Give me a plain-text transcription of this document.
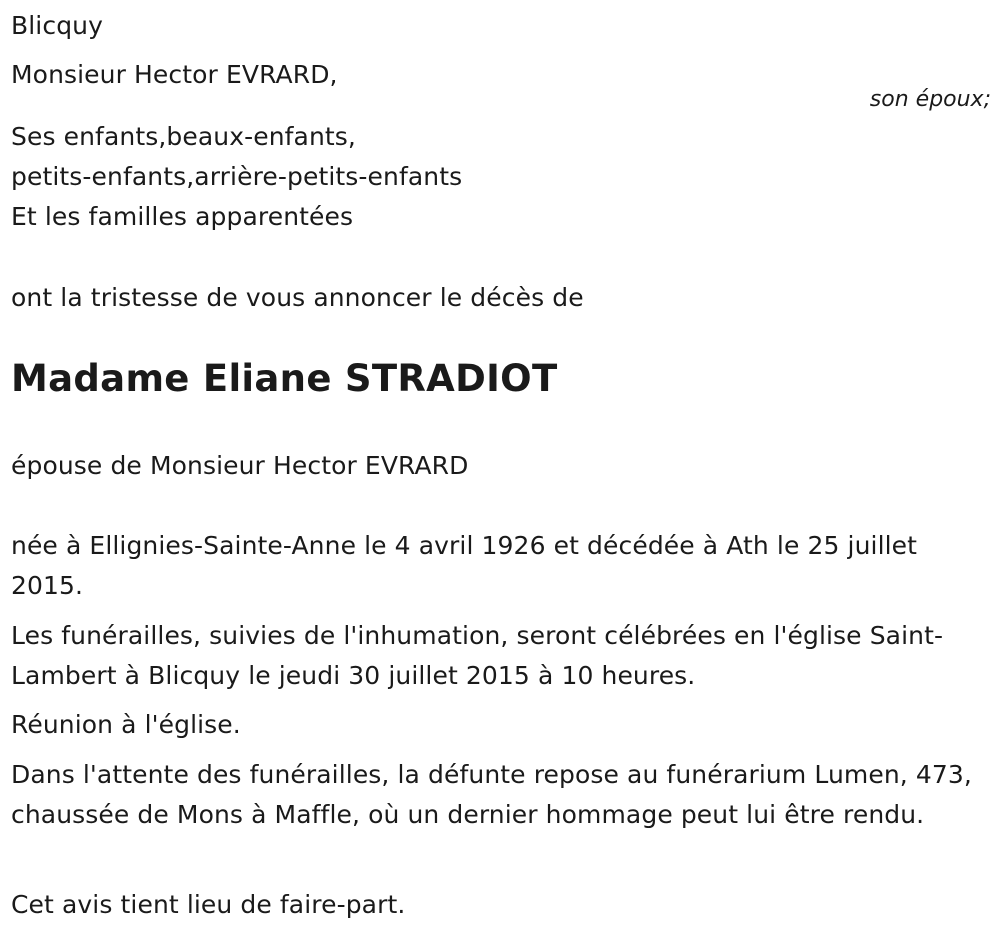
Blicquy
Monsieur Hector EVRARD,
son époux;
Ses enfants,beaux-enfants,
petits-enfants,arrière-petits-enfants
Et les familles apparentées
ont la tristesse de vous annoncer le décès de
Madame Eliane STRADIOT
épouse de Monsieur Hector EVRARD
née à Ellignies-Sainte-Anne le 4 avril 1926 et décédée à Ath le 25 juillet 2015.
Les funérailles, suivies de l'inhumation, seront célébrées en l'église Saint-Lambert à Blicquy le jeudi 30 juillet 2015 à 10 heures.
Réunion à l'église.
Dans l'attente des funérailles, la défunte repose au funérarium Lumen, 473, chaussée de Mons à Maffle, où un dernier hommage peut lui être rendu.
Cet avis tient lieu de faire-part.
